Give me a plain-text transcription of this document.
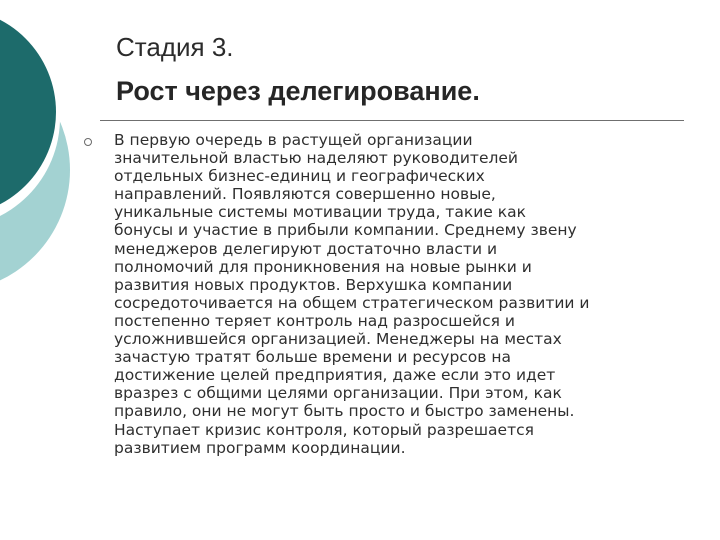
Стадия 3.
Рост через делегирование.

В первую очередь в растущей организации
значительной властью наделяют руководителей
отдельных бизнес-единиц и географических
направлений. Появляются совершенно новые,
уникальные системы мотивации труда, такие как
бонусы и участие в прибыли компании. Среднему звену
менеджеров делегируют достаточно власти и
полномочий для проникновения на новые рынки и
развития новых продуктов. Верхушка компании
сосредоточивается на общем стратегическом развитии и
постепенно теряет контроль над разросшейся и
усложнившейся организацией. Менеджеры на местах
зачастую тратят больше времени и ресурсов на
достижение целей предприятия, даже если это идет
вразрез с общими целями организации. При этом, как
правило, они не могут быть просто и быстро заменены.
Наступает кризис контроля, который разрешается
развитием программ координации.
